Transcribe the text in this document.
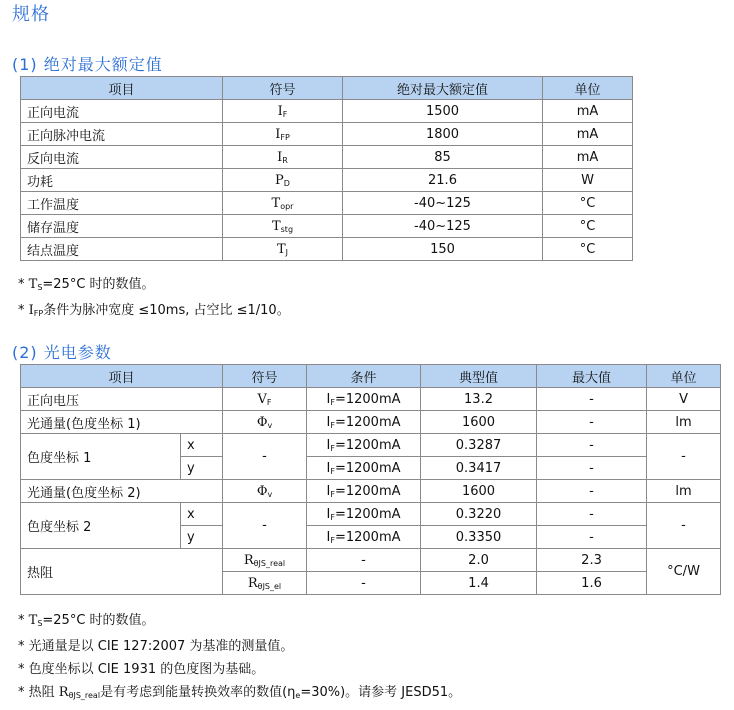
规格
(1) 绝对最大额定值
项目	符号	绝对最大额定值	单位
正向电流	$I_F$	1500	mA
正向脉冲电流	$I_{FP}$	1800	mA
反向电流	$I_R$	85	mA
功耗	$P_D$	21.6	W
工作温度	$T_{opr}$	-40~125	°C
储存温度	$T_{stg}$	-40~125	°C
结点温度	$T_J$	150	°C
* $T_S=25^\circ C$ 时的数值。
* $I_{FP}$条件为脉冲宽度 ≤10ms, 占空比 ≤1/10。
(2) 光电参数
项目		符号	条件	典型值	最大值	单位
正向电压		$V_F$	$I_F=1200mA$	13.2	-	V
光通量(色度坐标 1)		$\Phi_v$	$I_F=1200mA$	1600	-	lm
色度坐标 1	x	-	$I_F=1200mA$	0.3287	-	-
	y		$I_F=1200mA$	0.3417	-	
光通量(色度坐标 2)		$\Phi_v$	$I_F=1200mA$	1600	-	lm
色度坐标 2	x	-	$I_F=1200mA$	0.3220	-	-
	y		$I_F=1200mA$	0.3350	-	
热阻		$R_{\theta JS\_real}$	-	2.0	2.3	°C/W
		$R_{\theta JS\_el}$	-	1.4	1.6	
* $T_S=25^\circ C$ 时的数值。
* 光通量是以 CIE 127:2007 为基准的测量值。
* 色度坐标以 CIE 1931 的色度图为基础。
* 热阻 $R_{\theta JS\_real}$是有考虑到能量转换效率的数值$(\eta_e=30\%)$。请参考 JESD51。
